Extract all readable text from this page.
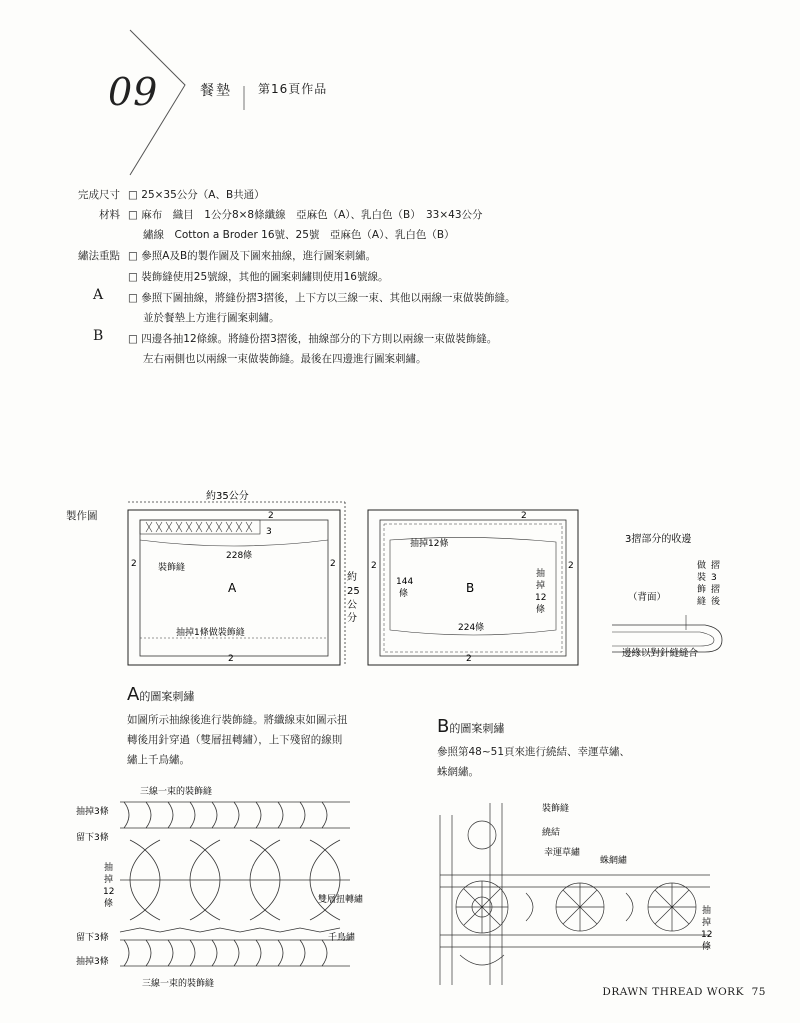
09	餐墊 第16頁作品
完成尺寸 □ 25×35公分（A、B共通）
材料 □ 麻布　織目　1公分8×8條纖線　亞麻色（A）、乳白色（B）　33×43公分
繡線　Cotton a Broder 16號、25號　亞麻色（A）、乳白色（B）
繡法重點 □ 參照A及B的製作圖及下圖來抽線，進行圖案刺繡。
□ 裝飾縫使用25號線，其他的圖案刺繡則使用16號線。
A □ 參照下圖抽線，將縫份摺3摺後，上下方以三線一束、其他以兩線一束做裝飾縫。
並於餐墊上方進行圖案刺繡。
B □ 四邊各抽12條線。將縫份摺3摺後，抽線部分的下方則以兩線一束做裝飾縫。
左右兩側也以兩線一束做裝飾縫。最後在四邊進行圖案刺繡。
製作圖
約35公分
約
25
公
分
2
3
228條
裝飾縫
A
抽掉1條做裝飾縫
2	2
2
2
抽掉12條
144
條	B
抽
掉
12
條
224條
2	2
2
3摺部分的收邊
（背面）
做
裝
飾
縫
摺
3
摺
後
邊緣以對針縫縫合
A的圖案刺繡
如圖所示抽線後進行裝飾縫。將纖線束如圖示扭
轉後用針穿過（雙層扭轉繡），上下殘留的線則
繡上千鳥繡。
三線一束的裝飾縫
抽掉3條
留下3條
抽
掉
12
條	雙層扭轉繡
千鳥繡
留下3條
抽掉3條
三線一束的裝飾縫
B的圖案刺繡
參照第48~51頁來進行繞結、幸運草繡、
蛛網繡。
裝飾縫
繞結
幸運草繡
蛛網繡
抽
掉
12
條
DRAWN THREAD WORK 75
